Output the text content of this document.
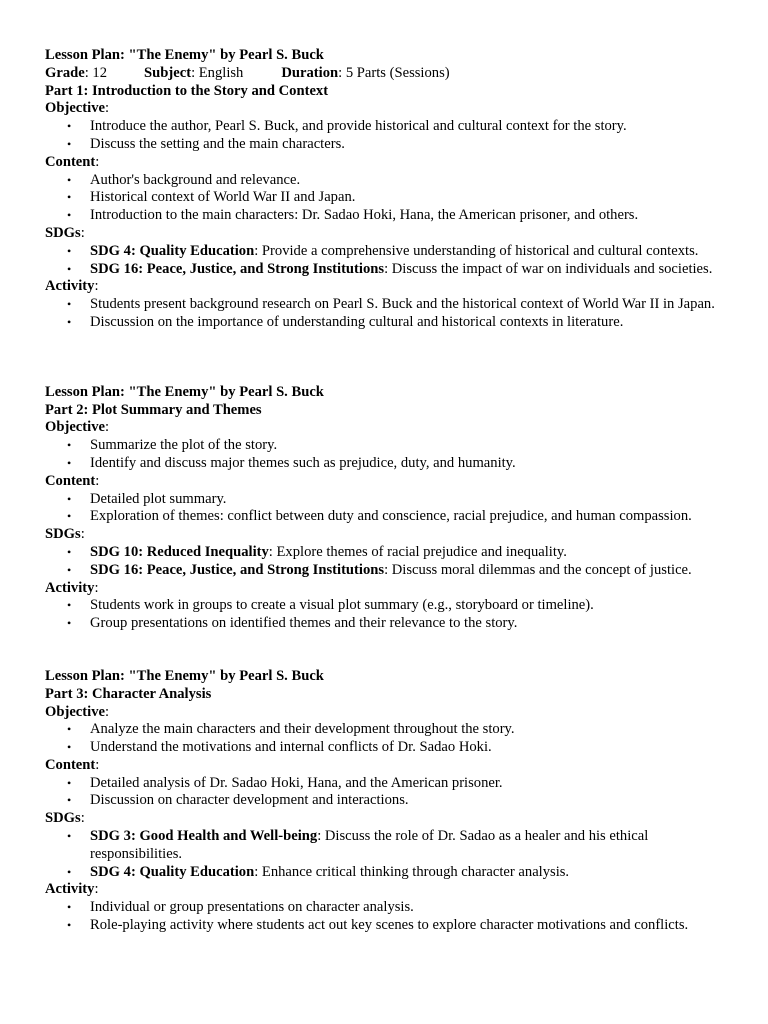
Lesson Plan: "The Enemy" by Pearl S. Buck
Grade: 12	Subject: English	Duration: 5 Parts (Sessions)
Part 1: Introduction to the Story and Context
Objective:
• Introduce the author, Pearl S. Buck, and provide historical and cultural context for the story.
• Discuss the setting and the main characters.
Content:
• Author's background and relevance.
• Historical context of World War II and Japan.
• Introduction to the main characters: Dr. Sadao Hoki, Hana, the American prisoner, and others.
SDGs:
• SDG 4: Quality Education: Provide a comprehensive understanding of historical and cultural contexts.
• SDG 16: Peace, Justice, and Strong Institutions: Discuss the impact of war on individuals and societies.
Activity:
• Students present background research on Pearl S. Buck and the historical context of World War II in Japan.
• Discussion on the importance of understanding cultural and historical contexts in literature.
Lesson Plan: "The Enemy" by Pearl S. Buck
Part 2: Plot Summary and Themes
Objective:
• Summarize the plot of the story.
• Identify and discuss major themes such as prejudice, duty, and humanity.
Content:
• Detailed plot summary.
• Exploration of themes: conflict between duty and conscience, racial prejudice, and human compassion.
SDGs:
• SDG 10: Reduced Inequality: Explore themes of racial prejudice and inequality.
• SDG 16: Peace, Justice, and Strong Institutions: Discuss moral dilemmas and the concept of justice.
Activity:
• Students work in groups to create a visual plot summary (e.g., storyboard or timeline).
• Group presentations on identified themes and their relevance to the story.
Lesson Plan: "The Enemy" by Pearl S. Buck
Part 3: Character Analysis
Objective:
• Analyze the main characters and their development throughout the story.
• Understand the motivations and internal conflicts of Dr. Sadao Hoki.
Content:
• Detailed analysis of Dr. Sadao Hoki, Hana, and the American prisoner.
• Discussion on character development and interactions.
SDGs:
• SDG 3: Good Health and Well-being: Discuss the role of Dr. Sadao as a healer and his ethical responsibilities.
• SDG 4: Quality Education: Enhance critical thinking through character analysis.
Activity:
• Individual or group presentations on character analysis.
• Role-playing activity where students act out key scenes to explore character motivations and conflicts.
